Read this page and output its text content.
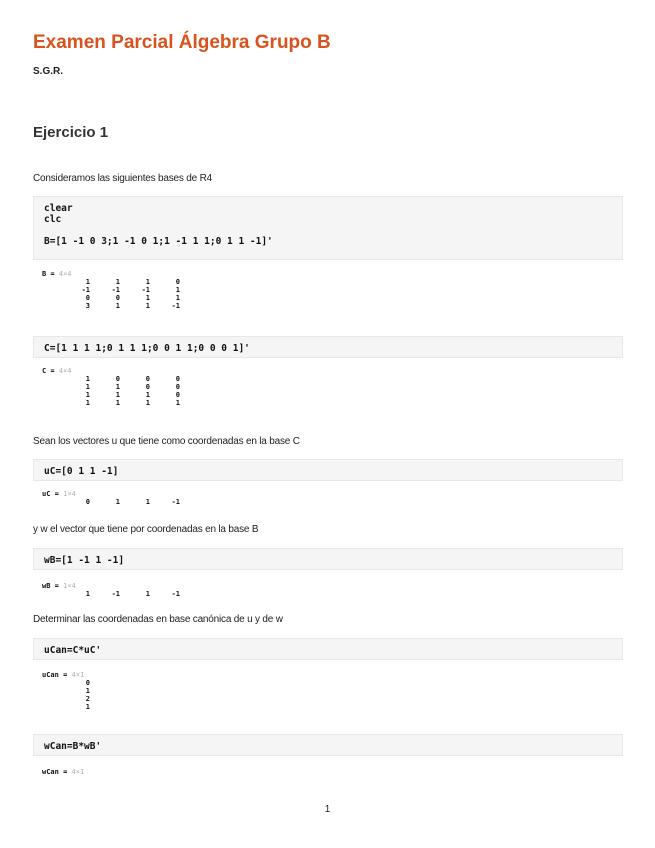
Examen Parcial Álgebra Grupo B
S.G.R.
Ejercicio 1
Consideramos las siguientes bases de R4
clear
clc
B=[1 -1 0 3;1 -1 0 1;1 -1 1 1;0 1 1 -1]'
B = 4×4
1	1	1	0
-1	-1	-1	1
0	0	1	1
3	1	1	-1
C=[1 1 1 1;0 1 1 1;0 0 1 1;0 0 0 1]'
C = 4×4
1	0	0	0
1	1	0	0
1	1	1	0
1	1	1	1
Sean los vectores u que tiene como coordenadas en la base C
uC=[0 1 1 -1]
uC = 1×4
0	1	1	-1
y w el vector que tiene por coordenadas en la base B
wB=[1 -1 1 -1]
wB = 1×4
1	-1	1	-1
Determinar las coordenadas en base canónica de u y de w
uCan=C*uC'
uCan = 4×1
0
1
2
1
wCan=B*wB'
wCan = 4×1
1
